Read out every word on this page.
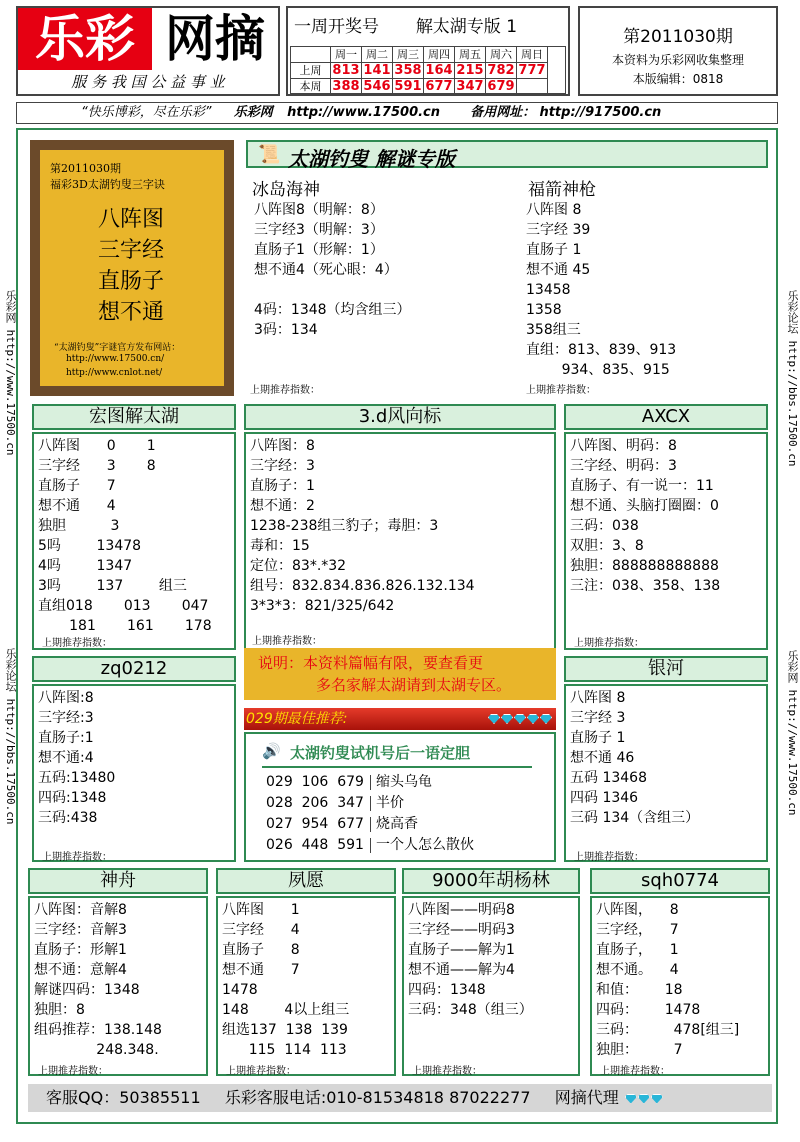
乐彩 网摘
服 务 我 国 公 益 事 业
一周开奖号 解太湖专版 1
周一 周二 周三 周四 周五 周六 周日
上周
本周
813 141 358 164 215 782 777
388 546 591 677 347 679
第2011030期
本资料为乐彩网收集整理
本版编辑：0818
“快乐博彩，尽在乐彩” 乐彩网 http://www.17500.cn 备用网址： http://917500.cn
乐彩网 http://www.17500.cn
乐彩论坛 http://bbs.17500.cn
乐彩论坛 http://bbs.17500.cn
乐彩网 http://www.17500.cn
第2011030期
福彩3D太湖钓叟三字诀
八阵图
三字经
直肠子
想不通
“太湖钓叟”字谜官方发布网站：
http://www.17500.cn/
http://www.cnlot.net/
📜 太湖钓叟 解谜专版
冰岛海神
八阵图8（明解：8）
三字经3（明解：3）
直肠子1（形解：1）
想不通4（死心眼：4）
4码：1348（均含组三）
3码：134
上期推荐指数：
福箭神枪
八阵图 8
三字经 39
直肠子 1
想不通 45
13458
1358
358组三
直组：813、839、913
934、835、915
上期推荐指数：
宏图解太湖
八阵图      0       1
三字经      3       8
直肠子      7
想不通      4
独胆          3
5吗        13478
4吗        1347
3吗        137        组三
直组018       013       047
181       161       178
上期推荐指数：
3.d风向标
八阵图：8
三字经：3
直肠子：1
想不通：2
1238-238组三豹子；毒胆：3
毒和：15
定位：83*.*32
组号：832.834.836.826.132.134
3*3*3：821/325/642
上期推荐指数：
AXCX
八阵图、明码：8
三字经、明码：3
直肠子、有一说一：11
想不通、头脑打圈圈：0
三码：038
双胆：3、8
独胆：888888888888
三注：038、358、138
上期推荐指数：
说明：本资料篇幅有限，要查看更
多名家解太湖请到太湖专区。
zq0212
八阵图:8
三字经:3
直肠子:1
想不通:4
五码:13480
四码:1348
三码:438
上期推荐指数：
029期最佳推荐:
🔊 太湖钓叟试机号后一语定胆
029  106  679 缩头乌龟
028  206  347 半价
027  954  677 烧高香
026  448  591 一个人怎么散伙
银河
八阵图 8
三字经 3
直肠子 1
想不通 46
五码 13468
四码 1346
三码 134（含组三）
上期推荐指数：
神舟
八阵图：音解8
三字经：音解3
直肠子：形解1
想不通：意解4
解谜四码：1348
独胆：8
组码推荐：138.148
248.348.
上期推荐指数：
夙愿
八阵图      1
三字经      4
直肠子      8
想不通      7
1478
148        4以上组三
组选137  138  139
115  114  113
上期推荐指数：
9000年胡杨林
八阵图——明码8
三字经——明码3
直肠子——解为1
想不通——解为4
四码：1348
三码：348（组三）
上期推荐指数：
sqh0774
八阵图，    8
三字经，    7
直肠子，    1
想不通。    4
和值：      18
四码：      1478
三码：        478[组三]
独胆：        7
上期推荐指数：
客服QQ：50385511 乐彩客服电话:010-81534818 87022277 网摘代理
